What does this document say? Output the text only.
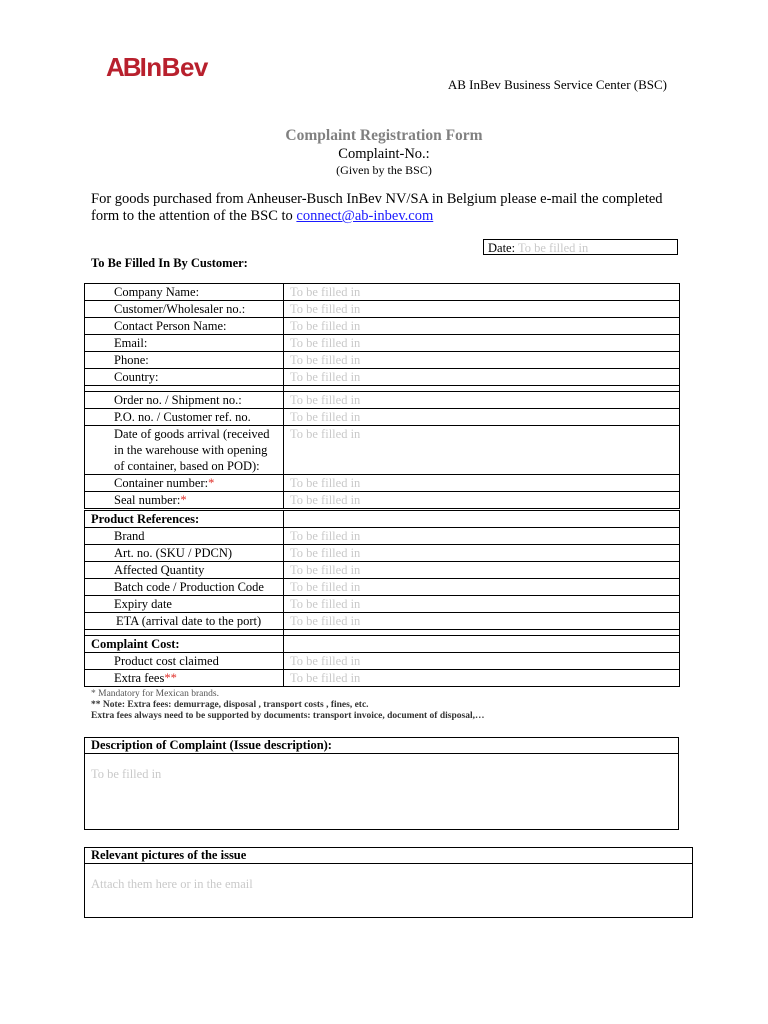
ABInBev
AB InBev Business Service Center (BSC)
Complaint Registration Form
Complaint-No.:
(Given by the BSC)
For goods purchased from Anheuser-Busch InBev NV/SA in Belgium please e-mail the completed form to the attention of the BSC to connect@ab-inbev.com
Date: To be filled in
To Be Filled In By Customer:
Company Name:	To be filled in
Customer/Wholesaler no.:	To be filled in
Contact Person Name:	To be filled in
Email:	To be filled in
Phone:	To be filled in
Country:	To be filled in

Order no. / Shipment no.:	To be filled in
P.O. no. / Customer ref. no.	To be filled in
Date of goods arrival (received in the warehouse with opening of container, based on POD):	To be filled in
Container number:*	To be filled in
Seal number:*	To be filled in
Product References:	
Brand	To be filled in
Art. no. (SKU / PDCN)	To be filled in
Affected Quantity	To be filled in
Batch code / Production Code	To be filled in
Expiry date	To be filled in
ETA (arrival date to the port)	To be filled in

Complaint Cost:	
Product cost claimed	To be filled in
Extra fees**	To be filled in
* Mandatory for Mexican brands.
** Note: Extra fees: demurrage, disposal , transport costs , fines, etc.
Extra fees always need to be supported by documents: transport invoice, document of disposal,…
Description of Complaint (Issue description):
To be filled in
Relevant pictures of the issue
Attach them here or in the email
